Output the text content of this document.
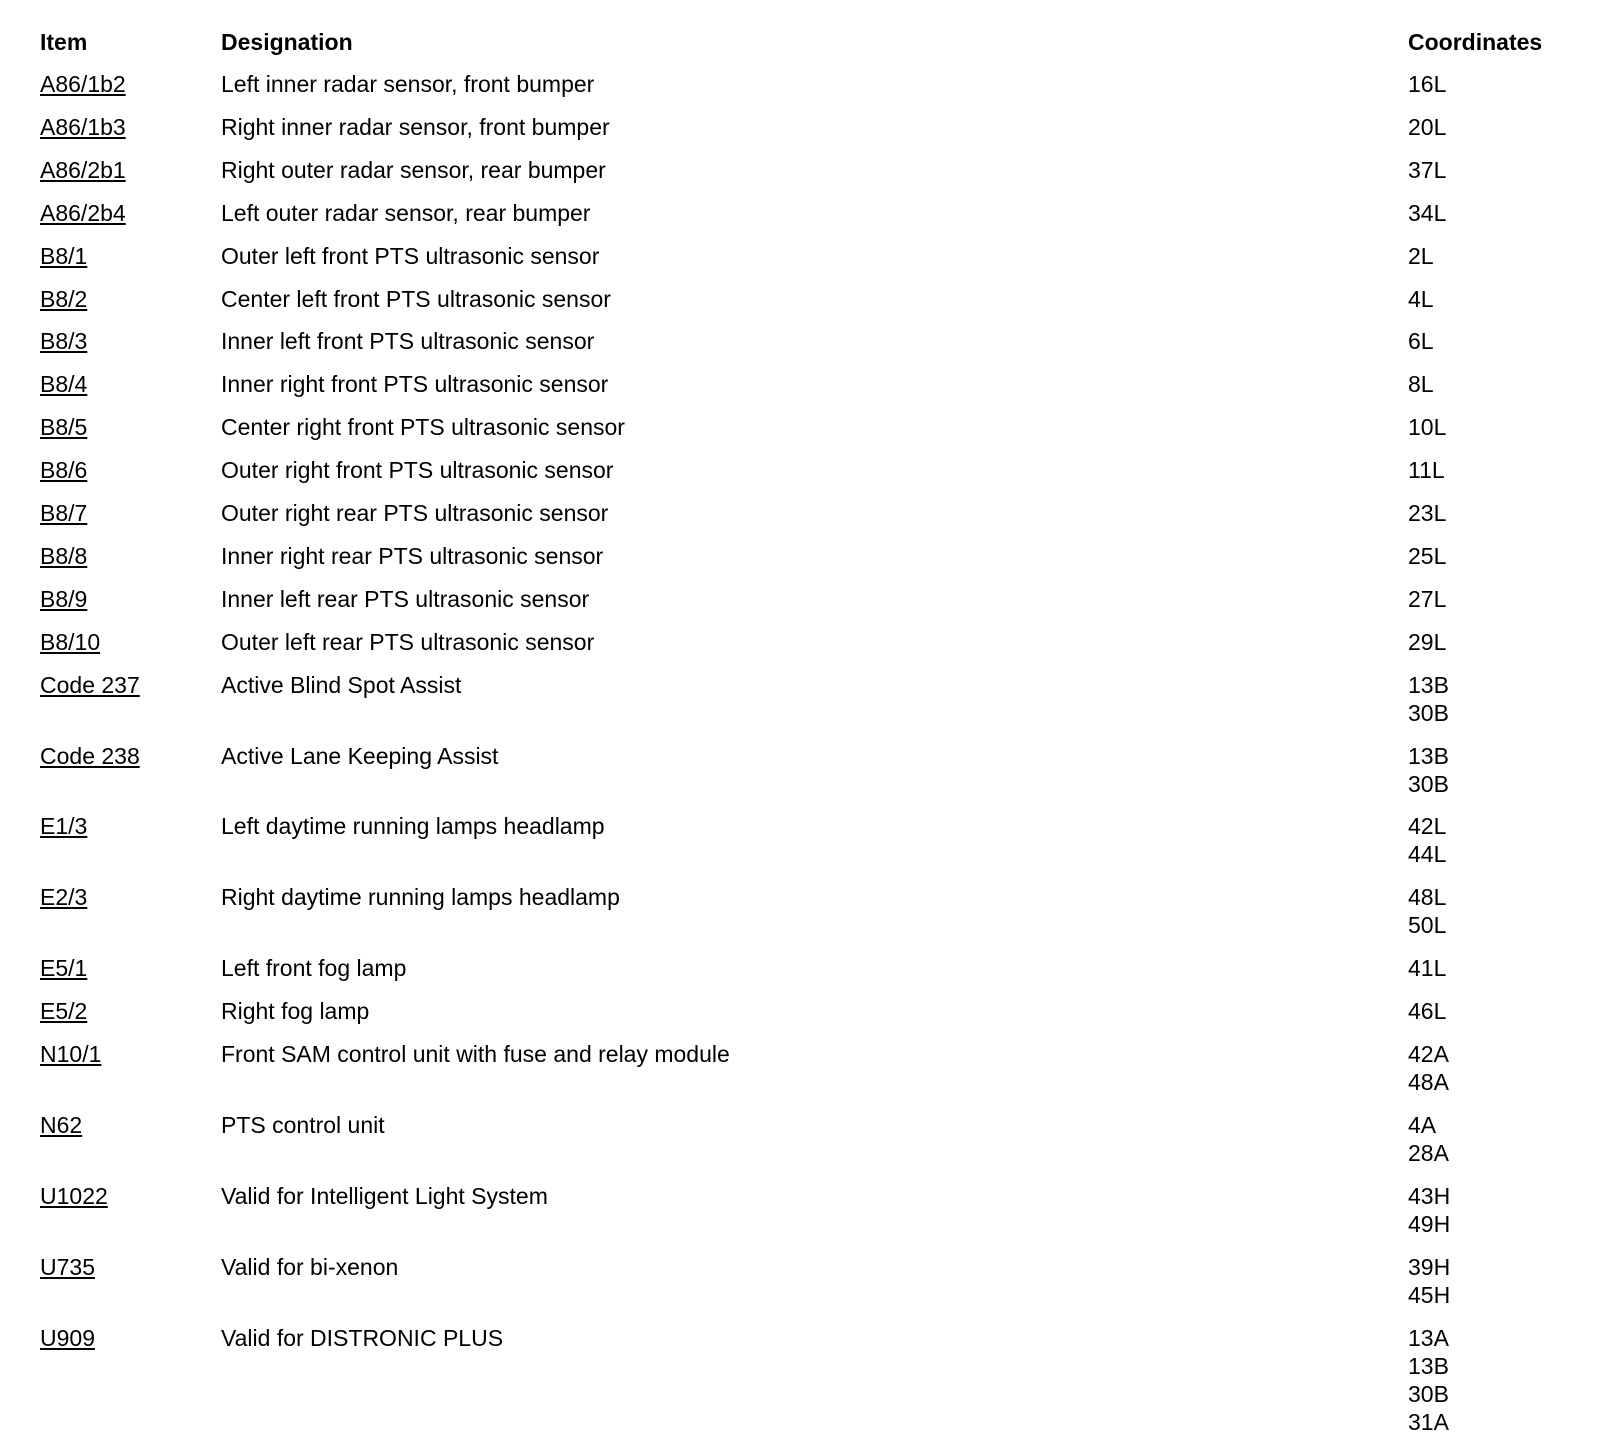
Item	Designation	Coordinates
A86/1b2	Left inner radar sensor, front bumper	16L
A86/1b3	Right inner radar sensor, front bumper	20L
A86/2b1	Right outer radar sensor, rear bumper	37L
A86/2b4	Left outer radar sensor, rear bumper	34L
B8/1	Outer left front PTS ultrasonic sensor	2L
B8/2	Center left front PTS ultrasonic sensor	4L
B8/3	Inner left front PTS ultrasonic sensor	6L
B8/4	Inner right front PTS ultrasonic sensor	8L
B8/5	Center right front PTS ultrasonic sensor	10L
B8/6	Outer right front PTS ultrasonic sensor	11L
B8/7	Outer right rear PTS ultrasonic sensor	23L
B8/8	Inner right rear PTS ultrasonic sensor	25L
B8/9	Inner left rear PTS ultrasonic sensor	27L
B8/10	Outer left rear PTS ultrasonic sensor	29L
Code 237	Active Blind Spot Assist	13B
30B
Code 238	Active Lane Keeping Assist	13B
30B
E1/3	Left daytime running lamps headlamp	42L
44L
E2/3	Right daytime running lamps headlamp	48L
50L
E5/1	Left front fog lamp	41L
E5/2	Right fog lamp	46L
N10/1	Front SAM control unit with fuse and relay module	42A
48A
N62	PTS control unit	4A
28A
U1022	Valid for Intelligent Light System	43H
49H
U735	Valid for bi-xenon	39H
45H
U909	Valid for DISTRONIC PLUS	13A
13B
30B
31A
